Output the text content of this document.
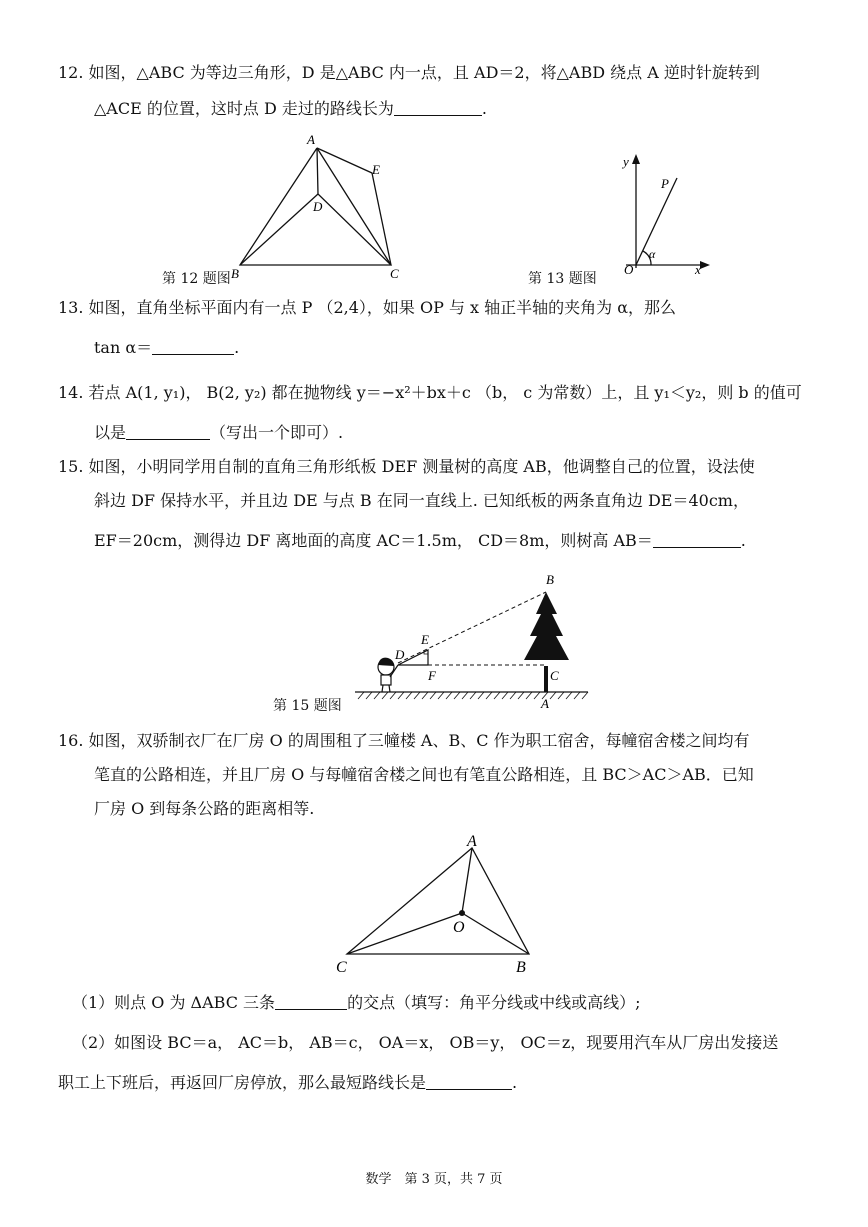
12. 如图，△ABC 为等边三角形，D 是△ABC 内一点，且 AD＝2，将△ABD 绕点 A 逆时针旋转到
△ACE 的位置，这时点 D 走过的路线长为	.
A
B	C
D
E
第 12 题图
y
x
O
P
α
第 13 题图
13. 如图，直角坐标平面内有一点 P （2,4），如果 OP 与 x 轴正半轴的夹角为 α，那么
tan α＝	.
14. 若点 A(1, y₁)， B(2, y₂) 都在抛物线 y＝−x²＋bx＋c （b， c 为常数）上，且 y₁＜y₂，则 b 的值可
以是	（写出一个即可）.
15. 如图，小明同学用自制的直角三角形纸板 DEF 测量树的高度 AB，他调整自己的位置，设法使
斜边 DF 保持水平，并且边 DE 与点 B 在同一直线上. 已知纸板的两条直角边 DE＝40cm，
EF＝20cm，测得边 DF 离地面的高度 AC＝1.5m， CD＝8m，则树高 AB＝	.
B
E
D
F	C
A
第 15 题图
16. 如图，双骄制衣厂在厂房 O 的周围租了三幢楼 A、B、C 作为职工宿舍，每幢宿舍楼之间均有
笔直的公路相连，并且厂房 O 与每幢宿舍楼之间也有笔直公路相连，且 BC＞AC＞AB．已知
厂房 O 到每条公路的距离相等.
A
O
C	B
（1）则点 O 为 ΔABC 三条	的交点（填写：角平分线或中线或高线）;
（2）如图设 BC＝a， AC＝b， AB＝c， OA＝x， OB＝y， OC＝z，现要用汽车从厂房出发接送
职工上下班后，再返回厂房停放，那么最短路线长是	.
数学　第 3 页，共 7 页
